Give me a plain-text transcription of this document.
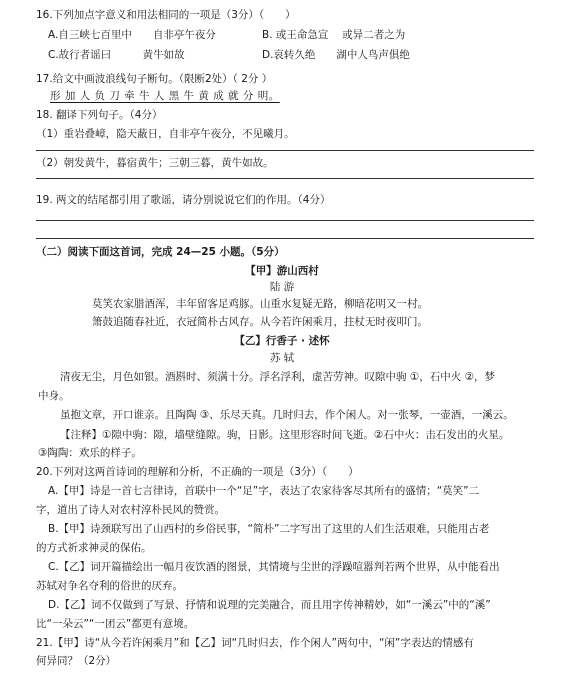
16.下列加点字意义和用法相同的一项是（3分）（　　）
A.自三峡七百里中　　自非亭午夜分	B. 或王命急宣　 或异二者之为
C.故行者谣曰　　　黄牛如故	D.哀转久绝　　湖中人鸟声俱绝
17.给文中画波浪线句子断句。（限断2处）（ 2分 ）
形 加 人 负 刀 牵 牛 人 黑 牛 黄 成 就 分 明。
18. 翻译下列句子。（4分）
（1）重岩叠嶂，隐天蔽日，自非亭午夜分，不见曦月。
（2）朝发黄牛，暮宿黄牛；三朝三暮，黄牛如故。
19. 两文的结尾都引用了歌谣，请分别说说它们的作用。（4分）
（二）阅读下面这首词，完成 24—25 小题。（5分）
【甲】游山西村
陆 游
莫笑农家腊酒浑，丰年留客足鸡豚。山重水复疑无路，柳暗花明又一村。
箫鼓追随春社近，衣冠简朴古风存。从今若许闲乘月，拄杖无时夜叩门。
【乙】行香子 · 述怀
苏 轼
清夜无尘，月色如银。酒斟时、须满十分。浮名浮利，虚苦劳神。叹隙中驹 ①，石中火 ②，梦
中身。
虽抱文章，开口谁亲。且陶陶 ③、乐尽天真。几时归去，作个闲人。对一张琴，一壶酒，一溪云。
【注释】①隙中驹：隙，墙壁缝隙。驹，日影。这里形容时间飞逝。②石中火：击石发出的火星。
③陶陶：欢乐的样子。
20.下列对这两首诗词的理解和分析，不正确的一项是（3分）（　　）
A.【甲】诗是一首七言律诗，首联中一个“足”字，表达了农家待客尽其所有的盛情；“莫笑”二
字，道出了诗人对农村淳朴民风的赞赏。
B.【甲】诗颈联写出了山西村的乡俗民事，“简朴”二字写出了这里的人们生活艰难，只能用古老
的方式祈求神灵的保佑。
C.【乙】词开篇描绘出一幅月夜饮酒的图景，其情境与尘世的浮躁喧嚣判若两个世界，从中能看出
苏轼对争名夺利的俗世的厌弃。
D.【乙】词不仅做到了写景、抒情和说理的完美融合，而且用字传神精妙，如“一溪云”中的“溪”
比“一朵云”“一团云”都更有意境。
21.【甲】诗“从今若许闲乘月”和【乙】词“几时归去，作个闲人”两句中，“闲”字表达的情感有
何异同？（2分）
